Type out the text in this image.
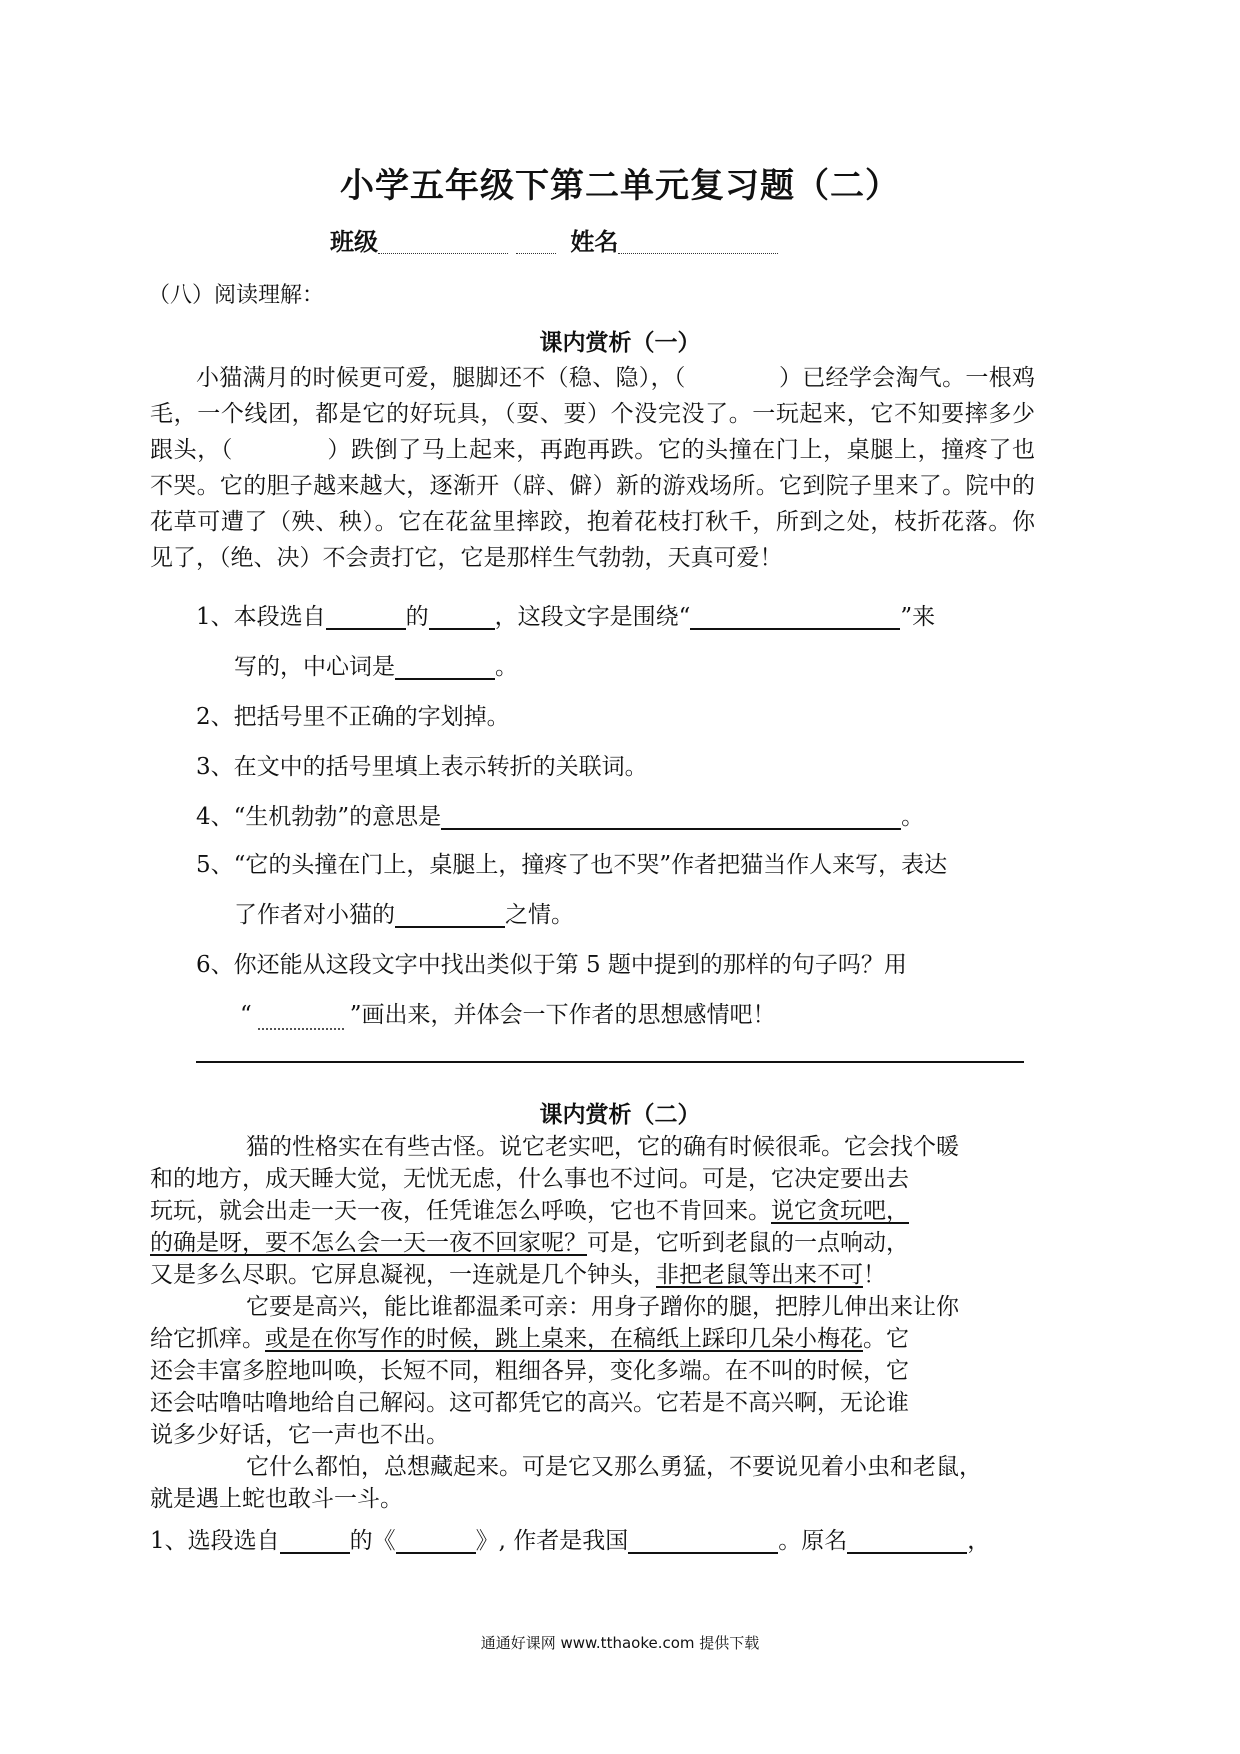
小学五年级下第二单元复习题（二）
班级	姓名
（八）阅读理解：
课内赏析（一）

小猫满月的时候更可爱，腿脚还不（稳、隐），（　　　　）已经学会淘气。一根鸡毛，一个线团，都是它的好玩具，（耍、要）个没完没了。一玩起来，它不知要摔多少跟头，（　　　　）跌倒了马上起来，再跑再跌。它的头撞在门上，桌腿上，撞疼了也不哭。它的胆子越来越大，逐渐开（辟、僻）新的游戏场所。它到院子里来了。院中的花草可遭了（殃、秧）。它在花盆里摔跤，抱着花枝打秋千，所到之处，枝折花落。你见了，（绝、决）不会责打它，它是那样生气勃勃，天真可爱！

1、本段选自	的	，这段文字是围绕“	”来
写的，中心词是	。
2、把括号里不正确的字划掉。
3、在文中的括号里填上表示转折的关联词。
4、“生机勃勃”的意思是	。
5、“它的头撞在门上，桌腿上，撞疼了也不哭”作者把猫当作人来写，表达
了作者对小猫的	之情。
6、你还能从这段文字中找出类似于第 5 题中提到的那样的句子吗？用
“	”画出来，并体会一下作者的思想感情吧！
课内赏析（二）
猫的性格实在有些古怪。说它老实吧，它的确有时候很乖。它会找个暖
和的地方，成天睡大觉，无忧无虑，什么事也不过问。可是，它决定要出去
玩玩，就会出走一天一夜，任凭谁怎么呼唤，它也不肯回来。说它贪玩吧，
的确是呀，要不怎么会一天一夜不回家呢？可是，它听到老鼠的一点响动，
又是多么尽职。它屏息凝视，一连就是几个钟头，非把老鼠等出来不可！
它要是高兴，能比谁都温柔可亲：用身子蹭你的腿，把脖儿伸出来让你
给它抓痒。或是在你写作的时候，跳上桌来，在稿纸上踩印几朵小梅花。它
还会丰富多腔地叫唤，长短不同，粗细各异，变化多端。在不叫的时候，它
还会咕噜咕噜地给自己解闷。这可都凭它的高兴。它若是不高兴啊，无论谁
说多少好话，它一声也不出。
它什么都怕，总想藏起来。可是它又那么勇猛，不要说见着小虫和老鼠，
就是遇上蛇也敢斗一斗。
1、选段选自	的《	》, 作者是我国	。原名	，
通通好课网 www.tthaoke.com 提供下载
